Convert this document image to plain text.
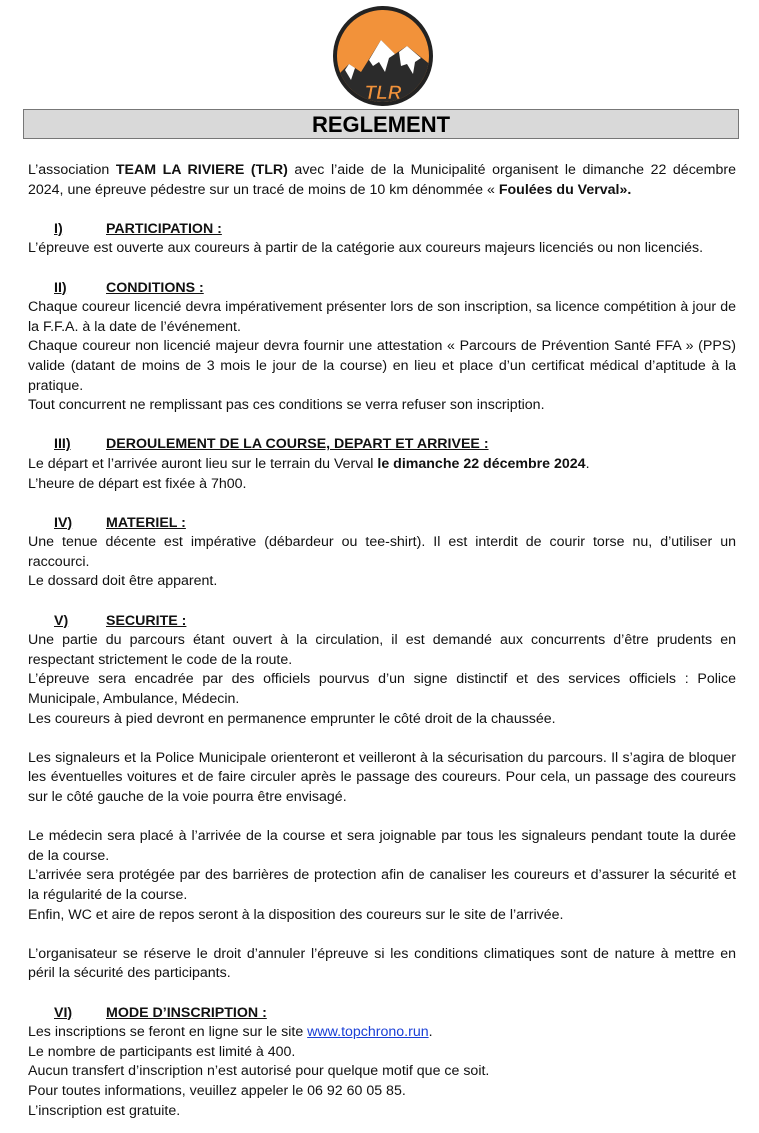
TLR
REGLEMENT
L’association TEAM LA RIVIERE (TLR) avec l’aide de la Municipalité organisent le dimanche 22 décembre 2024, une épreuve pédestre sur un tracé de moins de 10 km dénommée « Foulées du Verval».
I)	PARTICIPATION :
L’épreuve est ouverte aux coureurs à partir de la catégorie aux coureurs majeurs licenciés ou non licenciés.
II)	CONDITIONS :
Chaque coureur licencié devra impérativement présenter lors de son inscription, sa licence compétition à jour de la F.F.A. à la date de l’événement.
Chaque coureur non licencié majeur devra fournir une attestation « Parcours de Prévention Santé FFA » (PPS) valide (datant de moins de 3 mois le jour de la course) en lieu et place d’un certificat médical d’aptitude à la pratique.
Tout concurrent ne remplissant pas ces conditions se verra refuser son inscription.
III) DEROULEMENT DE LA COURSE, DEPART ET ARRIVEE :
Le départ et l’arrivée auront lieu sur le terrain du Verval le dimanche 22 décembre 2024.
L’heure de départ est fixée à 7h00.
IV) MATERIEL :
Une tenue décente est impérative (débardeur ou tee-shirt). Il est interdit de courir torse nu, d’utiliser un raccourci.
Le dossard doit être apparent.
V)	SECURITE :
Une partie du parcours étant ouvert à la circulation, il est demandé aux concurrents d’être prudents en respectant strictement le code de la route.
L’épreuve sera encadrée par des officiels pourvus d’un signe distinctif et des services officiels : Police Municipale, Ambulance, Médecin.
Les coureurs à pied devront en permanence emprunter le côté droit de la chaussée.
Les signaleurs et la Police Municipale orienteront et veilleront à la sécurisation du parcours. Il s’agira de bloquer les éventuelles voitures et de faire circuler après le passage des coureurs. Pour cela, un passage des coureurs sur le côté gauche de la voie pourra être envisagé.
Le médecin sera placé à l’arrivée de la course et sera joignable par tous les signaleurs pendant toute la durée de la course.
L’arrivée sera protégée par des barrières de protection afin de canaliser les coureurs et d’assurer la sécurité et la régularité de la course.
Enfin, WC et aire de repos seront à la disposition des coureurs sur le site de l’arrivée.
L’organisateur se réserve le droit d’annuler l’épreuve si les conditions climatiques sont de nature à mettre en péril la sécurité des participants.
VI) MODE D’INSCRIPTION :
Les inscriptions se feront en ligne sur le site www.topchrono.run.
Le nombre de participants est limité à 400.
Aucun transfert d’inscription n’est autorisé pour quelque motif que ce soit.
Pour toutes informations, veuillez appeler le 06 92 60 05 85.
L’inscription est gratuite.
